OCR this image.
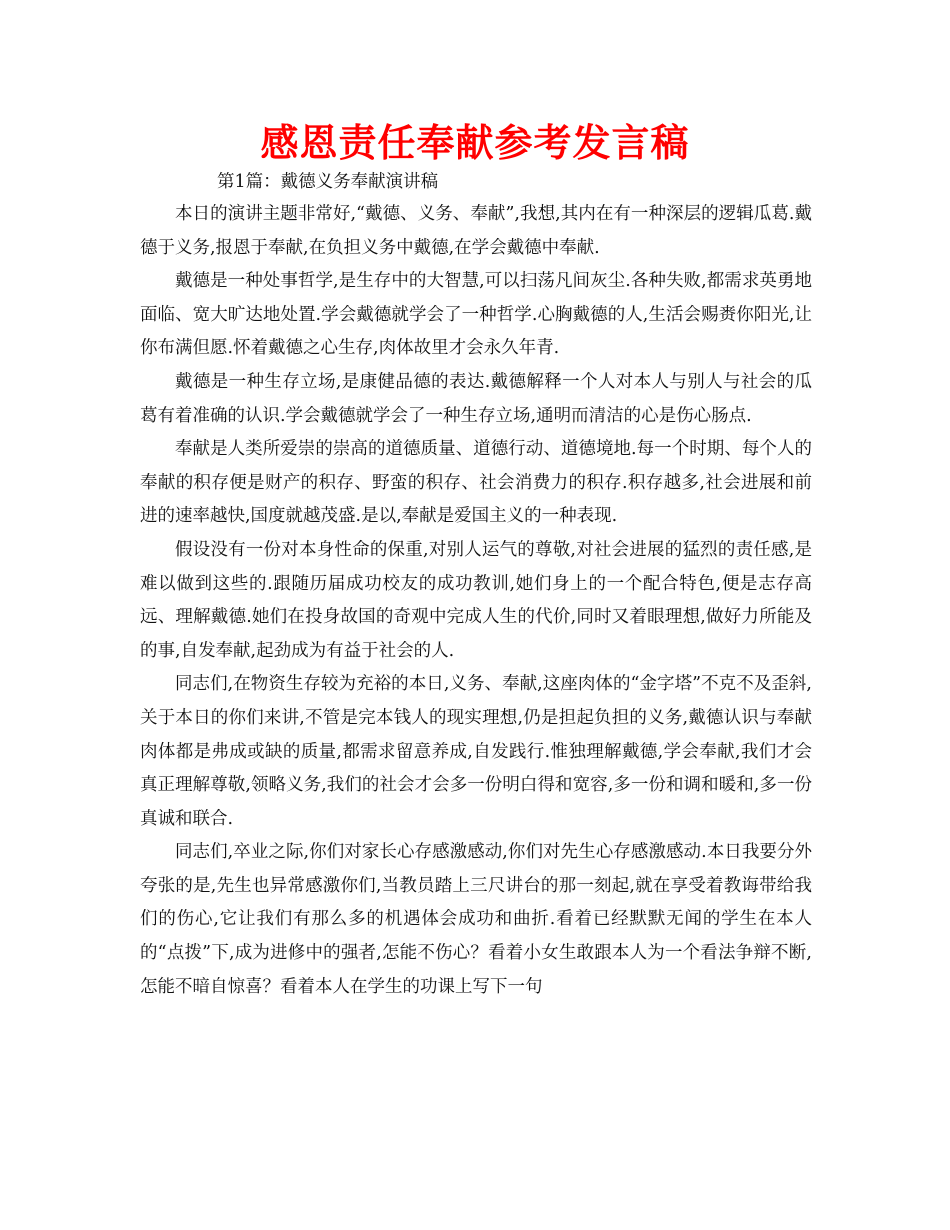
感恩责任奉献参考发言稿
第1篇：戴德义务奉献演讲稿

本日的演讲主题非常好,“戴德、义务、奉献”,我想,其内在有一种深层的逻辑瓜葛.戴德于义务,报恩于奉献,在负担义务中戴德,在学会戴德中奉献.

戴德是一种处事哲学,是生存中的大智慧,可以扫荡凡间灰尘.各种失败,都需求英勇地面临、宽大旷达地处置.学会戴德就学会了一种哲学.心胸戴德的人,生活会赐赉你阳光,让你布满但愿.怀着戴德之心生存,肉体故里才会永久年青.

戴德是一种生存立场,是康健品德的表达.戴德解释一个人对本人与别人与社会的瓜葛有着准确的认识.学会戴德就学会了一种生存立场,通明而清洁的心是伤心肠点.

奉献是人类所爱崇的崇高的道德质量、道德行动、道德境地.每一个时期、每个人的奉献的积存便是财产的积存、野蛮的积存、社会消费力的积存.积存越多,社会进展和前进的速率越快,国度就越茂盛.是以,奉献是爱国主义的一种表现.

假设没有一份对本身性命的保重,对别人运气的尊敬,对社会进展的猛烈的责任感,是难以做到这些的.跟随历届成功校友的成功教训,她们身上的一个配合特色,便是志存高远、理解戴德.她们在投身故国的奇观中完成人生的代价,同时又着眼理想,做好力所能及的事,自发奉献,起劲成为有益于社会的人.

同志们,在物资生存较为充裕的本日,义务、奉献,这座肉体的“金字塔”不克不及歪斜,关于本日的你们来讲,不管是完本钱人的现实理想,仍是担起负担的义务,戴德认识与奉献肉体都是弗成或缺的质量,都需求留意养成,自发践行.惟独理解戴德,学会奉献,我们才会真正理解尊敬,领略义务,我们的社会才会多一份明白得和宽容,多一份和调和暖和,多一份真诚和联合.

同志们,卒业之际,你们对家长心存感激感动,你们对先生心存感激感动.本日我要分外夸张的是,先生也异常感激你们,当教员踏上三尺讲台的那一刻起,就在享受着教诲带给我们的伤心,它让我们有那么多的机遇体会成功和曲折.看着已经默默无闻的学生在本人的“点拨”下,成为进修中的强者,怎能不伤心？看着小女生敢跟本人为一个看法争辩不断,怎能不暗自惊喜？看着本人在学生的功课上写下一句
